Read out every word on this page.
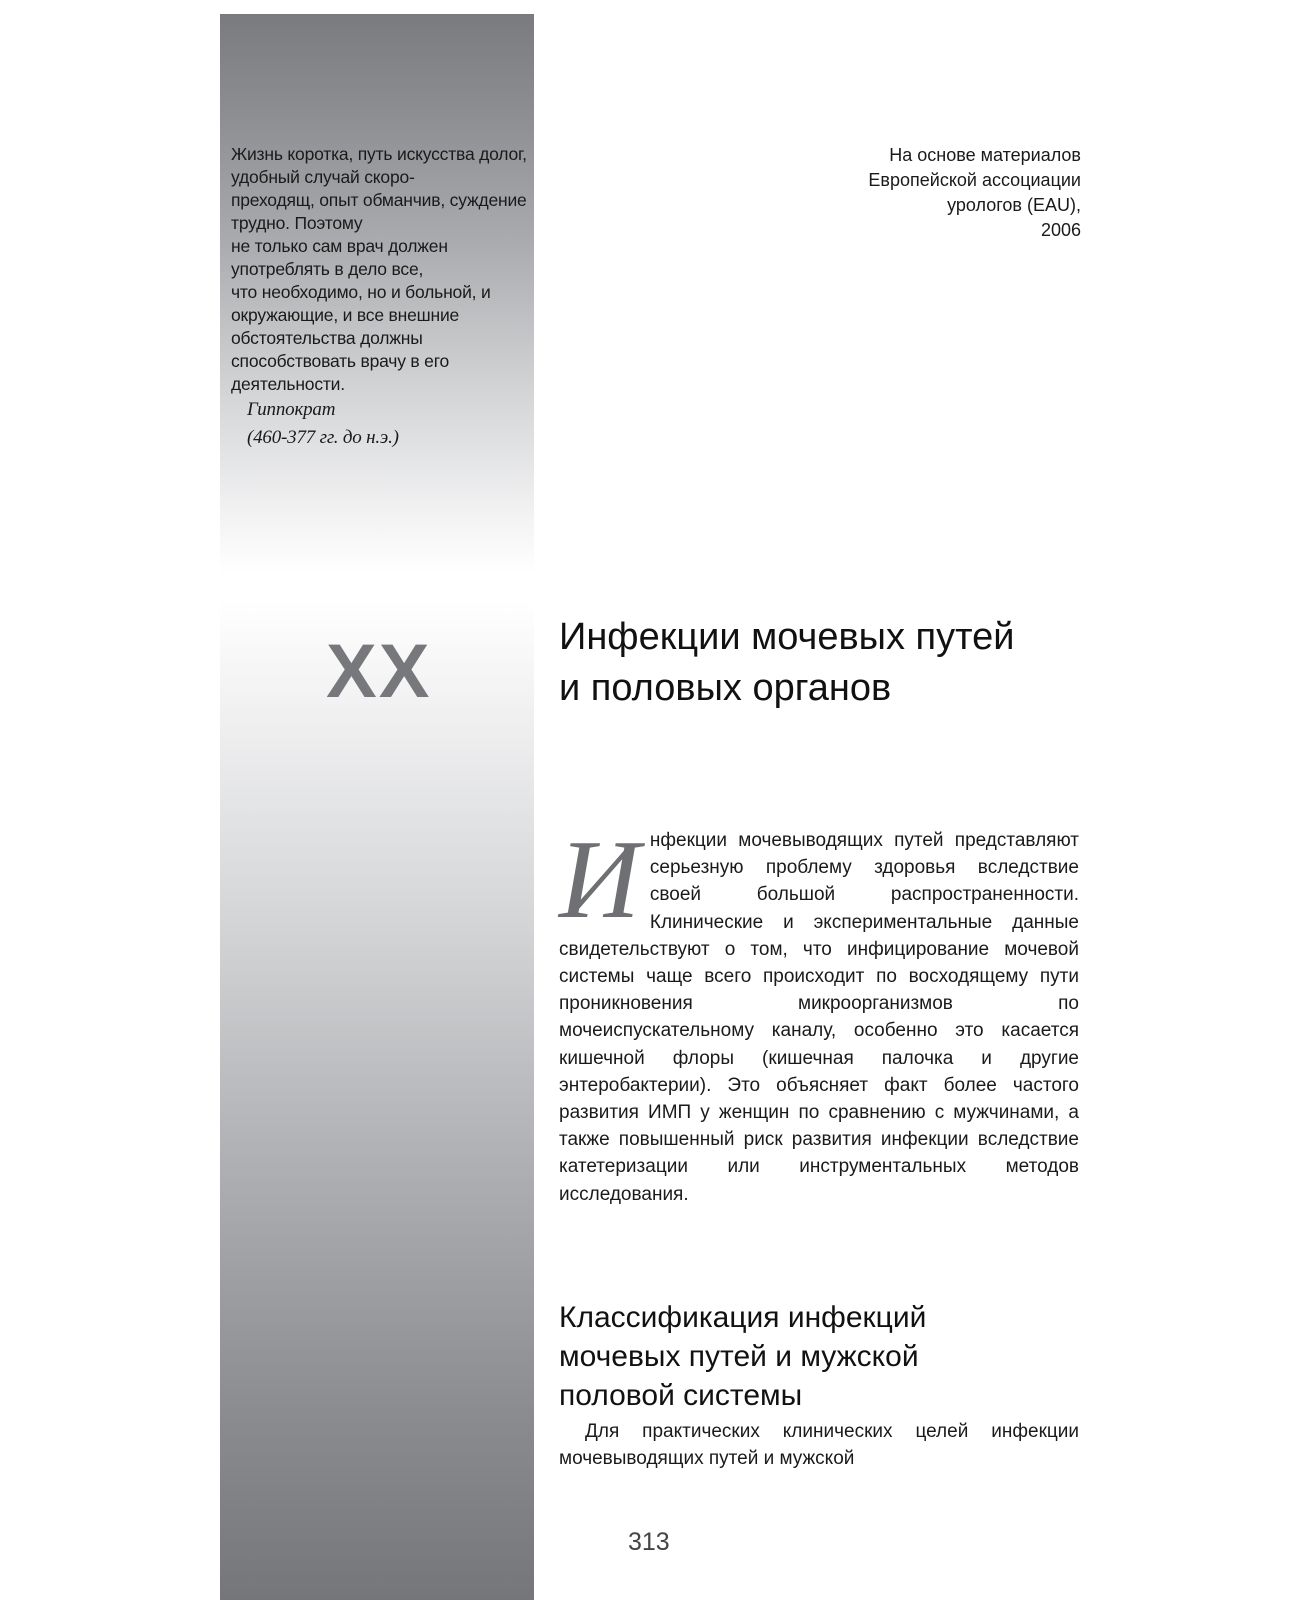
Жизнь коротка, путь искусства долог, удобный случай скоро-
преходящ, опыт обманчив, суждение трудно. Поэтому
не только сам врач должен употреблять в дело все,
что необходимо, но и больной, и окружающие, и все внешние обстоятельства должны способствовать врачу в его деятельности.
Гиппократ
(460-377 гг. до н.э.)
На основе материалов
Европейской ассоциации
урологов (EAU),
2006
XX	Инфекции мочевых путей
и половых органов

И нфекции мочевыводящих путей представляют серьезную проблему здоровья вследствие своей большой распространенности. Клинические и экспериментальные данные свидетельствуют о том, что инфицирование мочевой системы чаще всего происходит по восходящему пути проникновения микроорганизмов по мочеиспускательному каналу, особенно это касается кишечной флоры (кишечная палочка и другие энтеробактерии). Это объясняет факт более частого развития ИМП у женщин по сравнению с мужчинами, а также повышенный риск развития инфекции вследствие катетеризации или инструментальных методов исследования.

Классификация инфекций
мочевых путей и мужской
половой системы

Для практических клинических целей инфекции мочевыводящих путей и мужской

313
